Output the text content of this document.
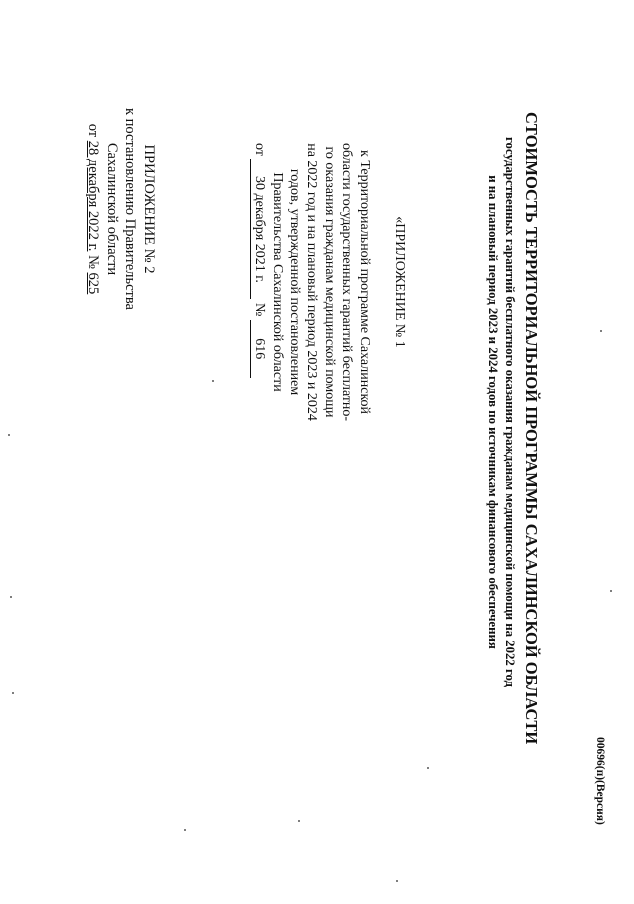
ПРИЛОЖЕНИЕ № 2
к постановлению Правительства
Сахалинской области
от 28 декабря 2022 г. № 625	«ПРИЛОЖЕНИЕ № 1
к Территориальной программе Сахалинской
области государственных гарантий бесплатно-
го оказания гражданам медицинской помощи
на 2022 год и на плановый период 2023 и 2024
годов, утвержденной постановлением
Правительства Сахалинской области
от 30 декабря 2021 г. № 616	СТОИМОСТЬ ТЕРРИТОРИАЛЬНОЙ ПРОГРАММЫ САХАЛИНСКОЙ ОБЛАСТИ
государственных гарантий бесплатного оказания гражданам медицинской помощи на 2022 год
и на плановый период 2023 и 2024 годов по источникам финансового обеспечения
00696(п)(Версия)
